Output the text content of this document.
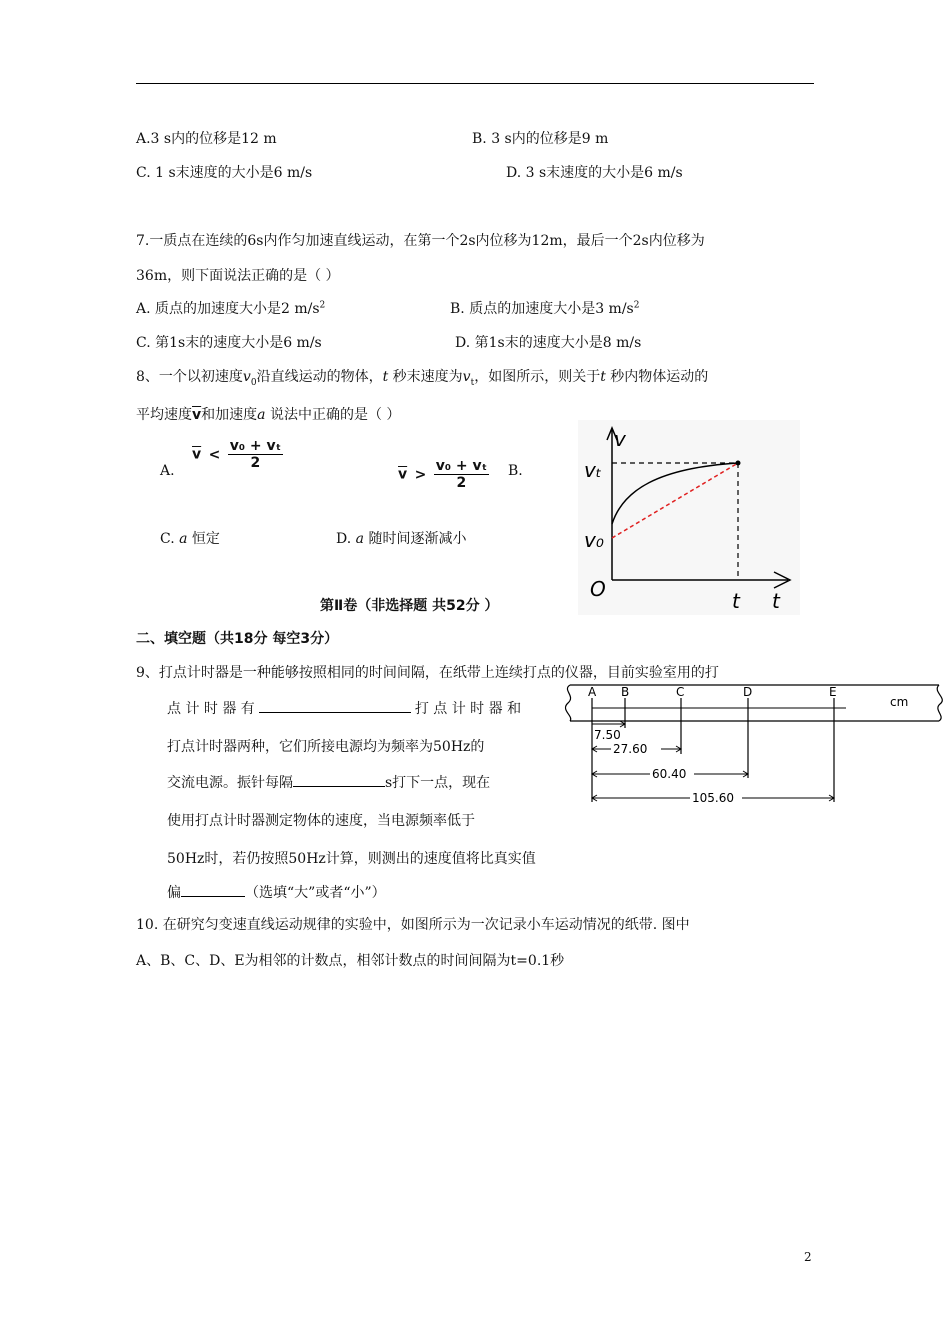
A.3 s内的位移是12 m	B. 3 s内的位移是9 m
C. 1 s末速度的大小是6 m/s	D. 3 s末速度的大小是6 m/s
7.一质点在连续的6s内作匀加速直线运动，在第一个2s内位移为12m，最后一个2s内位移为
36m，则下面说法正确的是（ ）
A. 质点的加速度大小是2 $m/s^2$	B. 质点的加速度大小是3 $m/s^2$
C. 第1s末的速度大小是6 m/s	D. 第1s末的速度大小是8 m/s
8、一个以初速度$v_0$沿直线运动的物体，t 秒末速度为$v_t$，如图所示，则关于t 秒内物体运动的
平均速度$\overline{v}$和加速度a 说法中正确的是（ ）
A.
$\overline{v} < \frac{\text{v₀ + vₜ}}{2}$
$\overline{v} > \frac{\text{v₀ + vₜ}}{2} B$.
C. a 恒定	D. a 随时间逐渐减小
v
vₜ
v₀
O	t t
第Ⅱ卷（非选择题 共52分 ）
二、填空题（共18分 每空3分）
9、打点计时器是一种能够按照相同的时间间隔，在纸带上连续打点的仪器，目前实验室用的打
点 计 时 器 有	打 点 计 时 器 和
打点计时器两种，它们所接电源均为频率为50Hz的
交流电源。振针每隔	s打下一点，现在
使用打点计时器测定物体的速度，当电源频率低于
50Hz时，若仍按照50Hz计算，则测出的速度值将比真实值
偏	（选填“大”或者“小”）
A B	C	D	E
cm
7.50
27.60
60.40
105.60
10. 在研究匀变速直线运动规律的实验中，如图所示为一次记录小车运动情况的纸带. 图中
A、B、C、D、E为相邻的计数点，相邻计数点的时间间隔为t=0.1秒
2
